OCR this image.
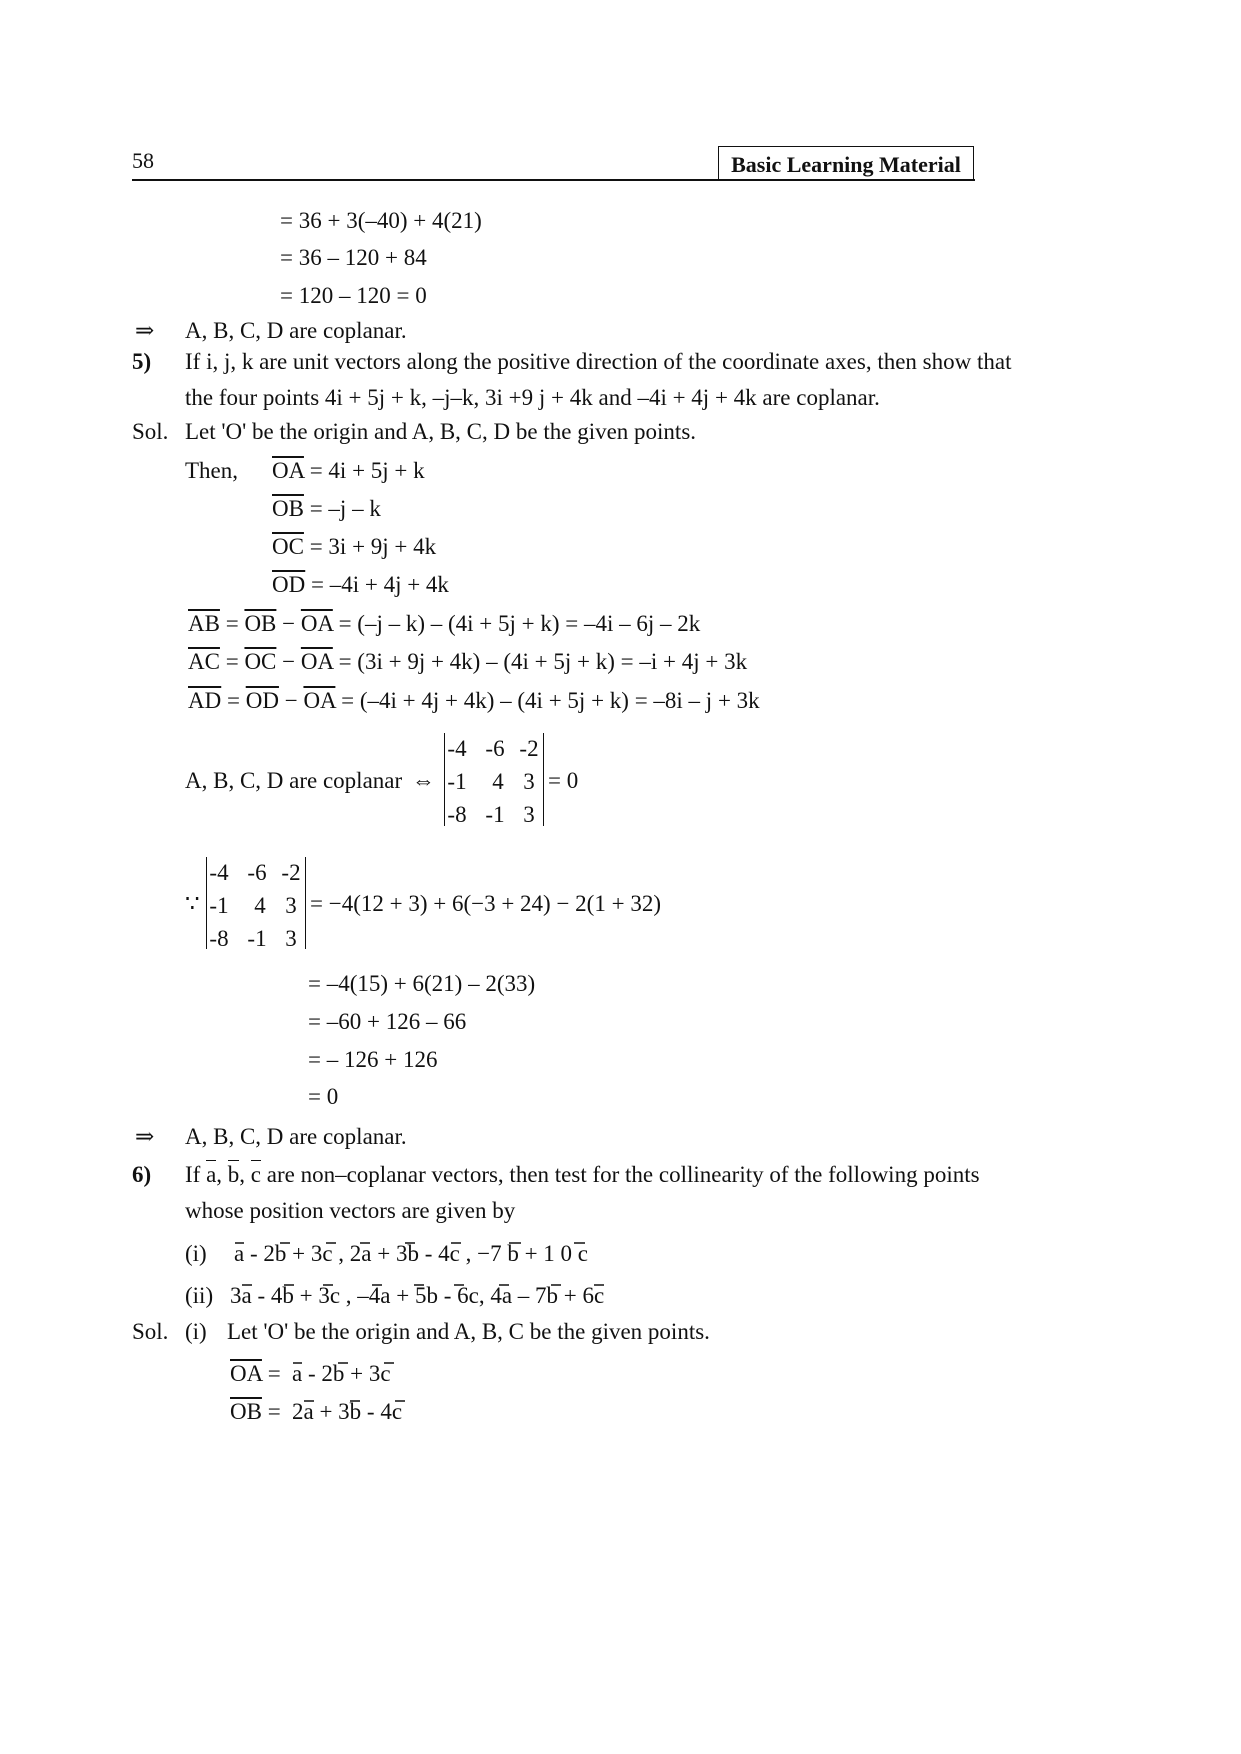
58	Basic Learning Material
= 36 + 3(–40) + 4(21)
= 36 – 120 + 84
= 120 – 120 = 0
⇒ A, B, C, D are coplanar.
5) If i, j, k are unit vectors along the positive direction of the coordinate axes, then show that
the four points 4i + 5j + k, –j–k, 3i +9 j + 4k and –4i + 4j + 4k are coplanar.
Sol. Let 'O' be the origin and A, B, C, D be the given points.
Then, $\overline{OA} = 4i + 5j + k$
$\overline{OB} = -j - k$
$\overline{OC} = 3i + 9j + 4k$
$\overline{OD} = -4i + 4j + 4k$
$\overline{AB} = \overline{OB} - \overline{OA} = (-j - k) - (4i + 5j + k) = -4i - 6j - 2k$
$\overline{AC} = \overline{OC} - \overline{OA} = (3i + 9j + 4k) - (4i + 5j + k) = -i + 4j + 3k$
$\overline{AD} = \overline{OD} - \overline{OA} = (-4i + 4j + 4k) - (4i + 5j + k) = -8i - j + 3k$
A, B, C, D are coplanar ⇔
-4 -6 -2
-1	4 3
-8 -1 3
= 0
∵
-4 -6 -2
-1	4 3
-8 -1 3
= −4(12 + 3) + 6(−3 + 24) − 2(1 + 32)
= –4(15) + 6(21) – 2(33)
= –60 + 126 – 66
= – 126 + 126
= 0
⇒ A, B, C, D are coplanar.
6) If a, b, c are non–coplanar vectors, then test for the collinearity of the following points
whose position vectors are given by
(i) a - 2b + 3c , 2a + 3b - 4c , −7 b + 1 0 c
(ii) 3a - 4b + 3c , –4a + 5b - 6c, 4a – 7b + 6c
Sol. (i) Let 'O' be the origin and A, B, C be the given points.
$\overline{OA} = a - 2b + 3c$
$\overline{OB} = 2a + 3b - 4c$
